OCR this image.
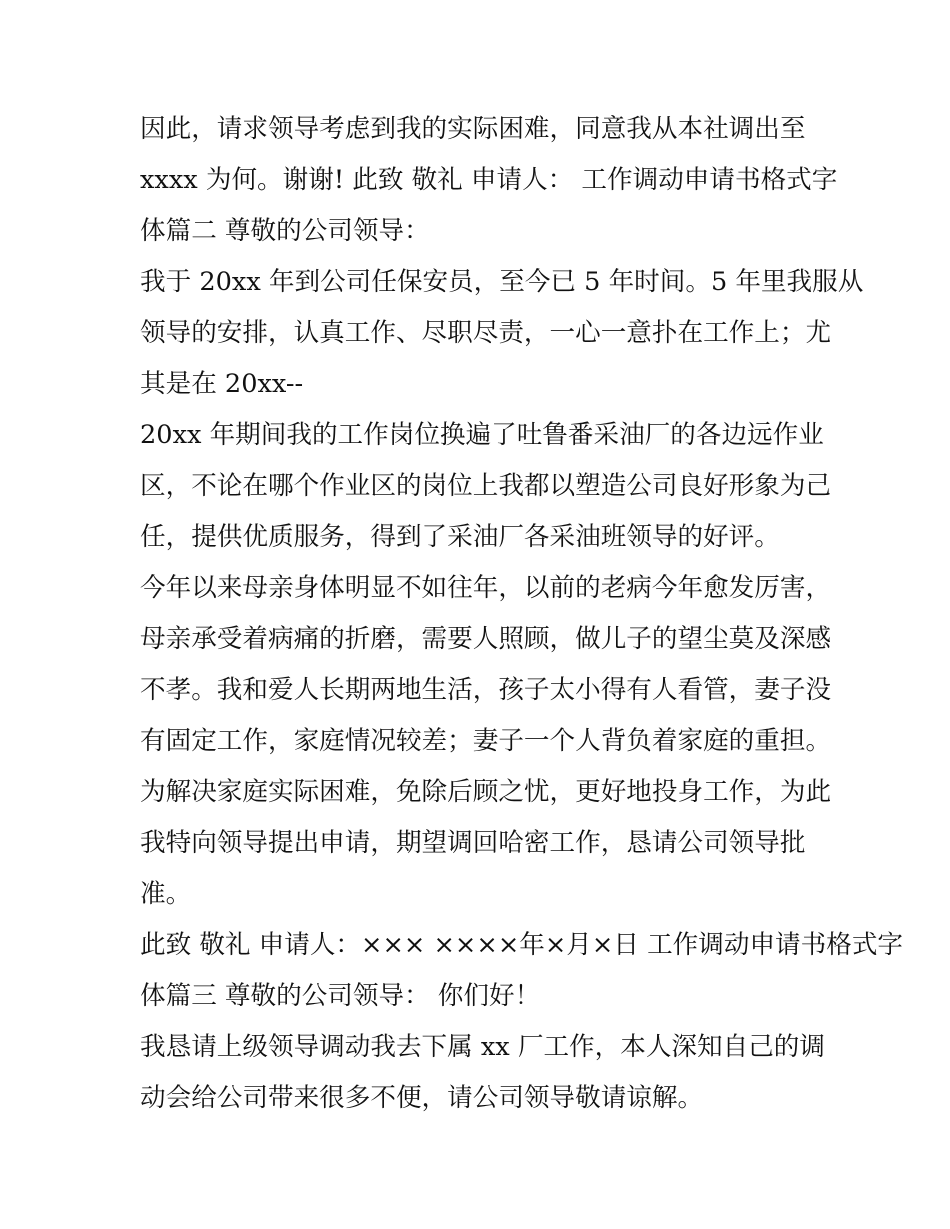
因此，请求领导考虑到我的实际困难，同意我从本社调出至
xxxx 为何。谢谢! 此致 敬礼 申请人： 工作调动申请书格式字
体篇二 尊敬的公司领导：
我于 20xx 年到公司任保安员，至今已 5 年时间。5 年里我服从
领导的安排，认真工作、尽职尽责，一心一意扑在工作上；尤
其是在 20xx--
20xx 年期间我的工作岗位换遍了吐鲁番采油厂的各边远作业
区，不论在哪个作业区的岗位上我都以塑造公司良好形象为己
任，提供优质服务，得到了采油厂各采油班领导的好评。
今年以来母亲身体明显不如往年，以前的老病今年愈发厉害，
母亲承受着病痛的折磨，需要人照顾，做儿子的望尘莫及深感
不孝。我和爱人长期两地生活，孩子太小得有人看管，妻子没
有固定工作，家庭情况较差；妻子一个人背负着家庭的重担。
为解决家庭实际困难，免除后顾之忧，更好地投身工作，为此
我特向领导提出申请，期望调回哈密工作，恳请公司领导批
准。
此致 敬礼 申请人：××× ××××年×月×日 工作调动申请书格式字
体篇三 尊敬的公司领导： 你们好！
我恳请上级领导调动我去下属 xx 厂工作，本人深知自己的调
动会给公司带来很多不便，请公司领导敬请谅解。
